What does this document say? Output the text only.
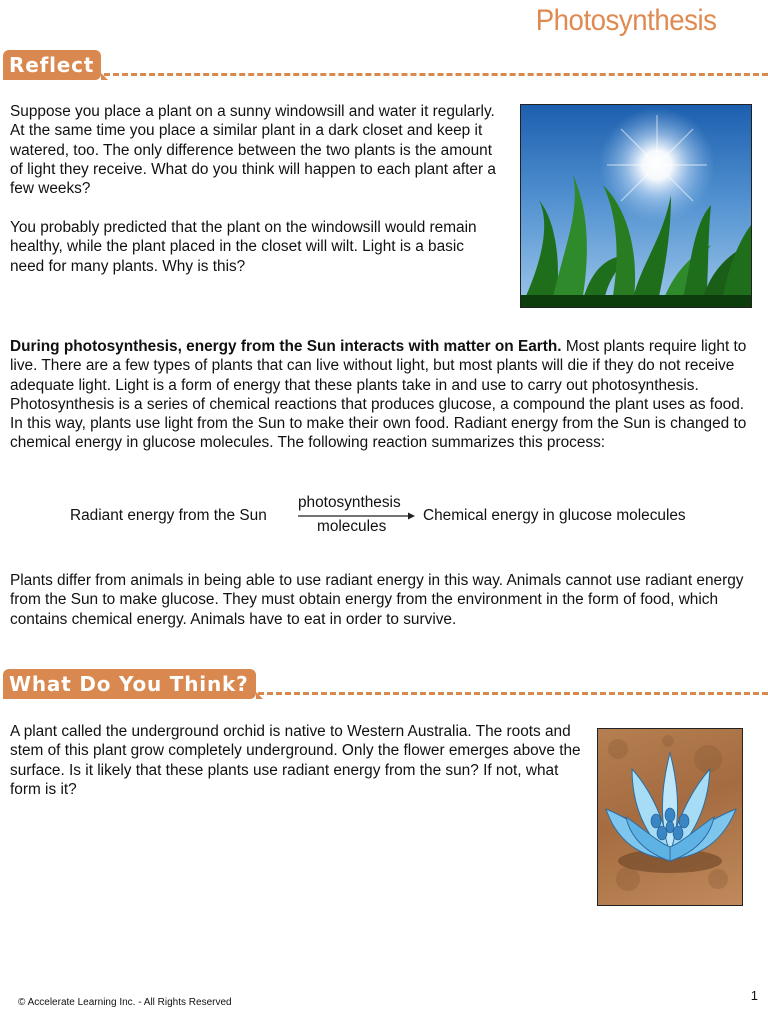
Photosynthesis
Reflect

Suppose you place a plant on a sunny windowsill and water it regularly. At the same time you place a similar plant in a dark closet and keep it watered, too. The only difference between the two plants is the amount of light they receive. What do you think will happen to each plant after a few weeks?

You probably predicted that the plant on the windowsill would remain healthy, while the plant placed in the closet will wilt. Light is a basic need for many plants. Why is this?

During photosynthesis, energy from the Sun interacts with matter on Earth. Most plants require light to live. There are a few types of plants that can live without light, but most plants will die if they do not receive adequate light. Light is a form of energy that these plants take in and use to carry out photosynthesis. Photosynthesis is a series of chemical reactions that produces glucose, a compound the plant uses as food. In this way, plants use light from the Sun to make their own food. Radiant energy from the Sun is changed to chemical energy in glucose molecules. The following reaction summarizes this process:

Radiant energy from the Sun
photosynthesis
molecules
Chemical energy in glucose molecules

Plants differ from animals in being able to use radiant energy in this way. Animals cannot use radiant energy from the Sun to make glucose. They must obtain energy from the environment in the form of food, which contains chemical energy. Animals have to eat in order to survive.

What Do You Think?

A plant called the underground orchid is native to Western Australia. The roots and stem of this plant grow completely underground. Only the flower emerges above the surface. Is it likely that these plants use radiant energy from the sun? If not, what form is it?

© Accelerate Learning Inc. - All Rights Reserved	1
